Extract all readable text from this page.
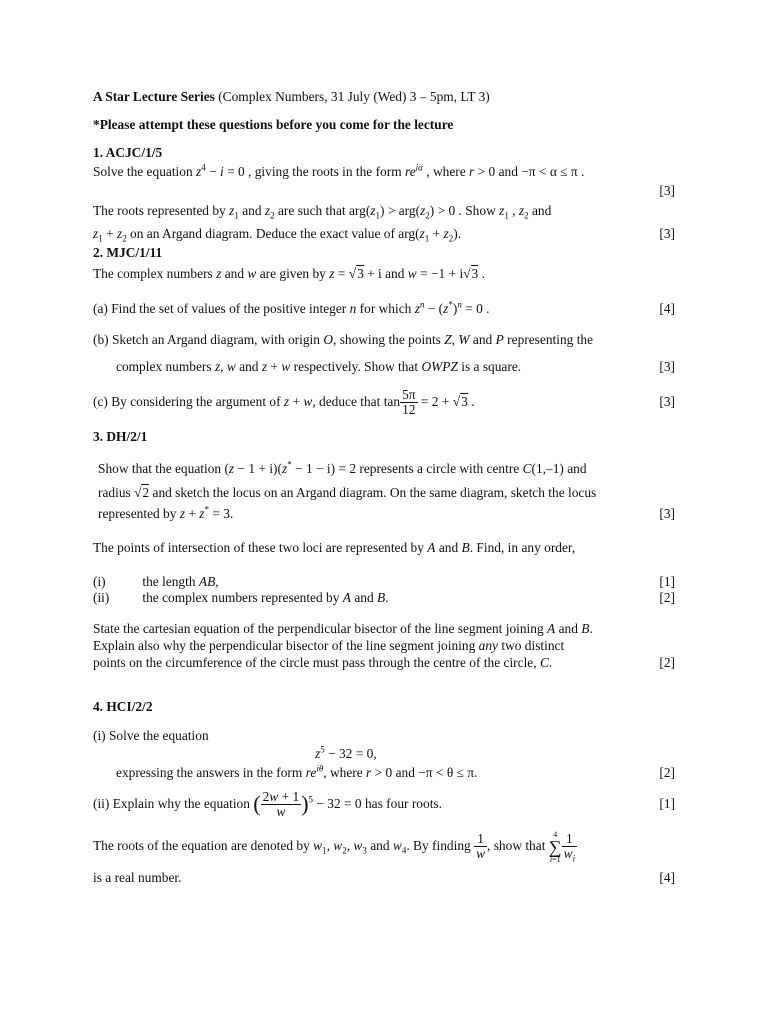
A Star Lecture Series (Complex Numbers, 31 July (Wed) 3 – 5pm, LT 3)
*Please attempt these questions before you come for the lecture
1. ACJC/1/5
Solve the equation $z^4 - i = 0$ , giving the roots in the form $re^{i\alpha}$ , where r > 0 and −π < α ≤ π .
[3]
The roots represented by $z_1$ and $z_2$ are such that $arg(z_1) > arg(z_2) > 0$ . Show $z_1$ , $z_2$ and
$z_1 + z_2$ on an Argand diagram. Deduce the exact value of $arg(z_1 + z_2)$.	[3]
2. MJC/1/11
The complex numbers z and w are given by z = √3 + i and w = −1 + i√3 .
(a) Find the set of values of the positive integer n for which $z^n - (z^*)^n = 0$ .	[4]
(b) Sketch an Argand diagram, with origin O, showing the points Z, W and P representing the
complex numbers z, w and z + w respectively. Show that OWPZ is a square.	[3]
(c) By considering the argument of z + w, deduce that $\tan \frac{5\pi}{12} = 2 + √3$ .	[3]
3. DH/2/1
Show that the equation (z − 1 + i)(z* − 1 − i) = 2 represents a circle with centre C(1,–1) and
radius √2 and sketch the locus on an Argand diagram. On the same diagram, sketch the locus
represented by z + z* = 3.	[3]
The points of intersection of these two loci are represented by A and B. Find, in any order,
(i)	the length AB,	[1]
(ii) the complex numbers represented by A and B.	[2]
State the cartesian equation of the perpendicular bisector of the line segment joining A and B.
Explain also why the perpendicular bisector of the line segment joining any two distinct
points on the circumference of the circle must pass through the centre of the circle, C.	[2]
4. HCI/2/2
(i) Solve the equation
$z^5 - 32 = 0$,
expressing the answers in the form $re^{i\theta}$, where r > 0 and −π < θ ≤ π.	[2]
(ii) Explain why the equation ( $\frac{2w + 1}{w} )^5 - 32 = 0$ has four roots.	[1]
The roots of the equation are denoted by $w_1$, $w_2$, $w_3$ and $w_4$. By finding $\frac{1}{w}$ , show that 4
∑
$i=1 \frac{1}{w_i}$
is a real number.	[4]
